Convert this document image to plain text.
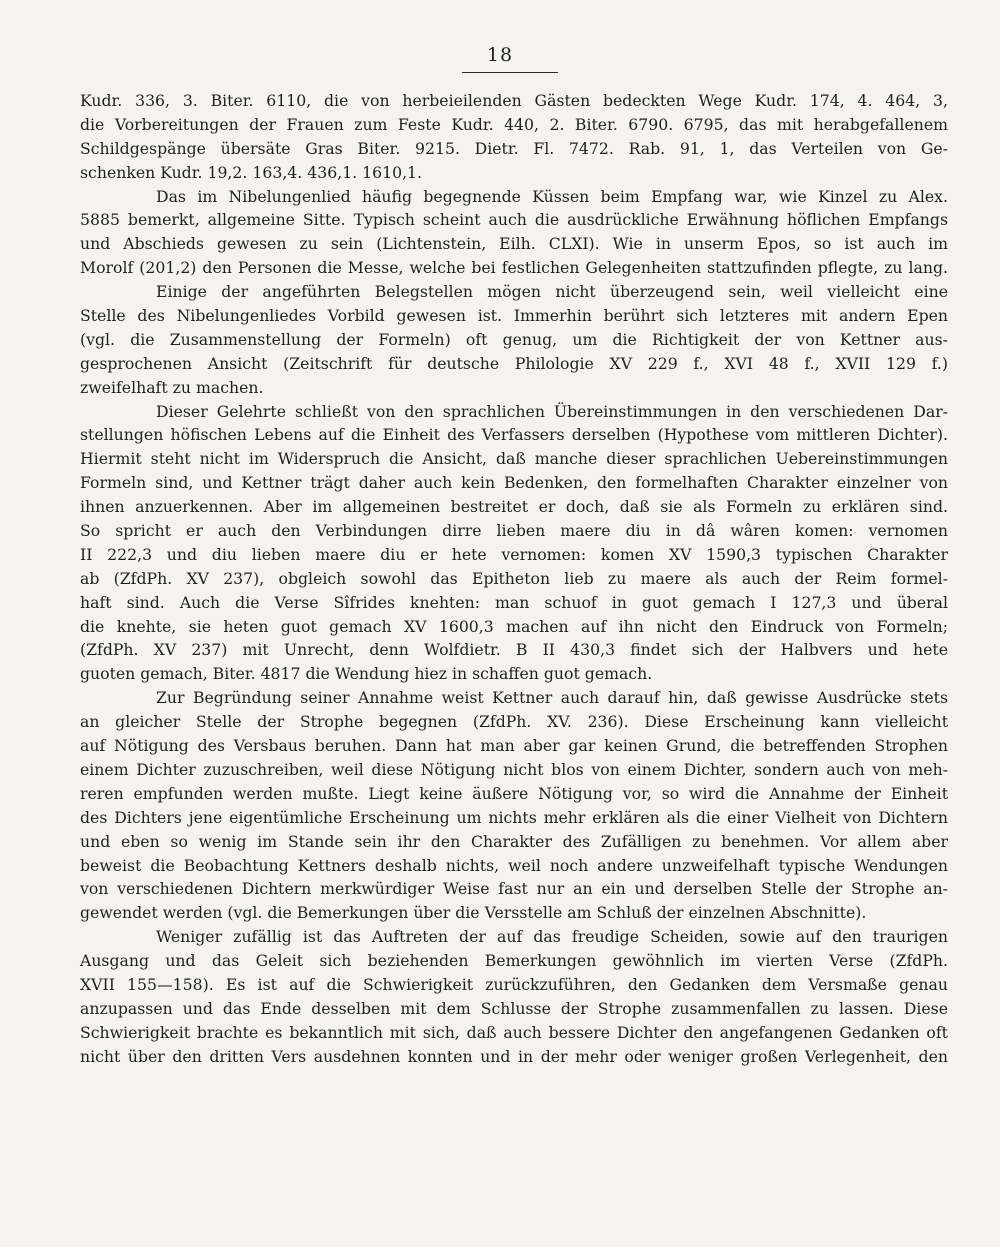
18
Kudr. 336, 3. Biter. 6110, die von herbeieilenden Gästen bedeckten Wege Kudr. 174, 4. 464, 3,
die Vorbereitungen der Frauen zum Feste Kudr. 440, 2. Biter. 6790. 6795, das mit herabgefallenem
Schildgespänge übersäte Gras Biter. 9215. Dietr. Fl. 7472. Rab. 91, 1, das Verteilen von Ge-
schenken Kudr. 19,2. 163,4. 436,1. 1610,1.
Das im Nibelungenlied häufig begegnende Küssen beim Empfang war, wie Kinzel zu Alex.
5885 bemerkt, allgemeine Sitte. Typisch scheint auch die ausdrückliche Erwähnung höflichen Empfangs
und Abschieds gewesen zu sein (Lichtenstein, Eilh. CLXI). Wie in unserm Epos, so ist auch im
Morolf (201,2) den Personen die Messe, welche bei festlichen Gelegenheiten stattzufinden pflegte, zu lang.
Einige der angeführten Belegstellen mögen nicht überzeugend sein, weil vielleicht eine
Stelle des Nibelungenliedes Vorbild gewesen ist. Immerhin berührt sich letzteres mit andern Epen
(vgl. die Zusammenstellung der Formeln) oft genug, um die Richtigkeit der von Kettner aus-
gesprochenen Ansicht (Zeitschrift für deutsche Philologie XV 229 f., XVI 48 f., XVII 129 f.)
zweifelhaft zu machen.
Dieser Gelehrte schließt von den sprachlichen Übereinstimmungen in den verschiedenen Dar-
stellungen höfischen Lebens auf die Einheit des Verfassers derselben (Hypothese vom mittleren Dichter).
Hiermit steht nicht im Widerspruch die Ansicht, daß manche dieser sprachlichen Uebereinstimmungen
Formeln sind, und Kettner trägt daher auch kein Bedenken, den formelhaften Charakter einzelner von
ihnen anzuerkennen. Aber im allgemeinen bestreitet er doch, daß sie als Formeln zu erklären sind.
So spricht er auch den Verbindungen dirre lieben maere diu in dâ wâren komen: vernomen
II 222,3 und diu lieben maere diu er hete vernomen: komen XV 1590,3 typischen Charakter
ab (ZfdPh. XV 237), obgleich sowohl das Epitheton lieb zu maere als auch der Reim formel-
haft sind. Auch die Verse Sîfrides knehten: man schuof in guot gemach I 127,3 und überal
die knehte, sie heten guot gemach XV 1600,3 machen auf ihn nicht den Eindruck von Formeln;
(ZfdPh. XV 237) mit Unrecht, denn Wolfdietr. B II 430,3 findet sich der Halbvers und hete
guoten gemach, Biter. 4817 die Wendung hiez in schaffen guot gemach.
Zur Begründung seiner Annahme weist Kettner auch darauf hin, daß gewisse Ausdrücke stets
an gleicher Stelle der Strophe begegnen (ZfdPh. XV. 236). Diese Erscheinung kann vielleicht
auf Nötigung des Versbaus beruhen. Dann hat man aber gar keinen Grund, die betreffenden Strophen
einem Dichter zuzuschreiben, weil diese Nötigung nicht blos von einem Dichter, sondern auch von meh-
reren empfunden werden mußte. Liegt keine äußere Nötigung vor, so wird die Annahme der Einheit
des Dichters jene eigentümliche Erscheinung um nichts mehr erklären als die einer Vielheit von Dichtern
und eben so wenig im Stande sein ihr den Charakter des Zufälligen zu benehmen. Vor allem aber
beweist die Beobachtung Kettners deshalb nichts, weil noch andere unzweifelhaft typische Wendungen
von verschiedenen Dichtern merkwürdiger Weise fast nur an ein und derselben Stelle der Strophe an-
gewendet werden (vgl. die Bemerkungen über die Versstelle am Schluß der einzelnen Abschnitte).
Weniger zufällig ist das Auftreten der auf das freudige Scheiden, sowie auf den traurigen
Ausgang und das Geleit sich beziehenden Bemerkungen gewöhnlich im vierten Verse (ZfdPh.
XVII 155—158). Es ist auf die Schwierigkeit zurückzuführen, den Gedanken dem Versmaße genau
anzupassen und das Ende desselben mit dem Schlusse der Strophe zusammenfallen zu lassen. Diese
Schwierigkeit brachte es bekanntlich mit sich, daß auch bessere Dichter den angefangenen Gedanken oft
nicht über den dritten Vers ausdehnen konnten und in der mehr oder weniger großen Verlegenheit, den
